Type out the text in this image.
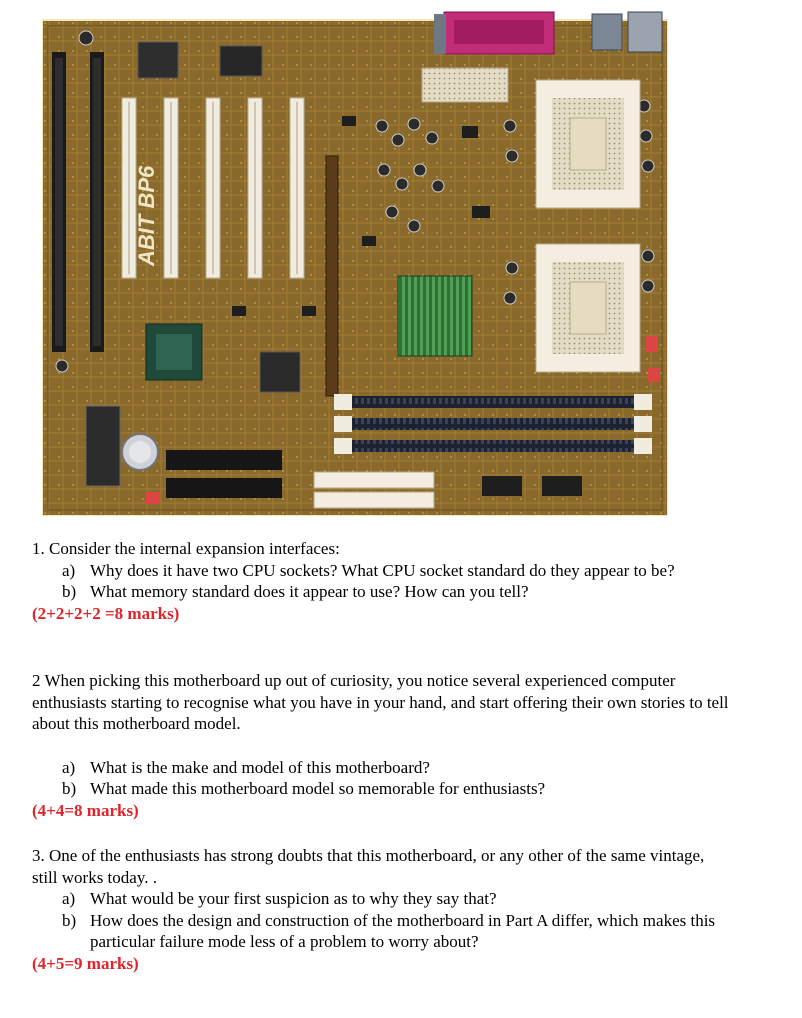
ABIT BP6

1. Consider the internal expansion interfaces:

a) Why does it have two CPU sockets? What CPU socket standard do they appear to be?
b) What memory standard does it appear to use? How can you tell?

(2+2+2+2 =8 marks)

2 When picking this motherboard up out of curiosity, you notice several experienced computer enthusiasts starting to recognise what you have in your hand, and start offering their own stories to tell about this motherboard model.

a) What is the make and model of this motherboard?
b) What made this motherboard model so memorable for enthusiasts?

(4+4=8 marks)

3. One of the enthusiasts has strong doubts that this motherboard, or any other of the same vintage, still works today. .

a) What would be your first suspicion as to why they say that?
b) How does the design and construction of the motherboard in Part A differ, which makes this particular failure mode less of a problem to worry about?

(4+5=9 marks)
